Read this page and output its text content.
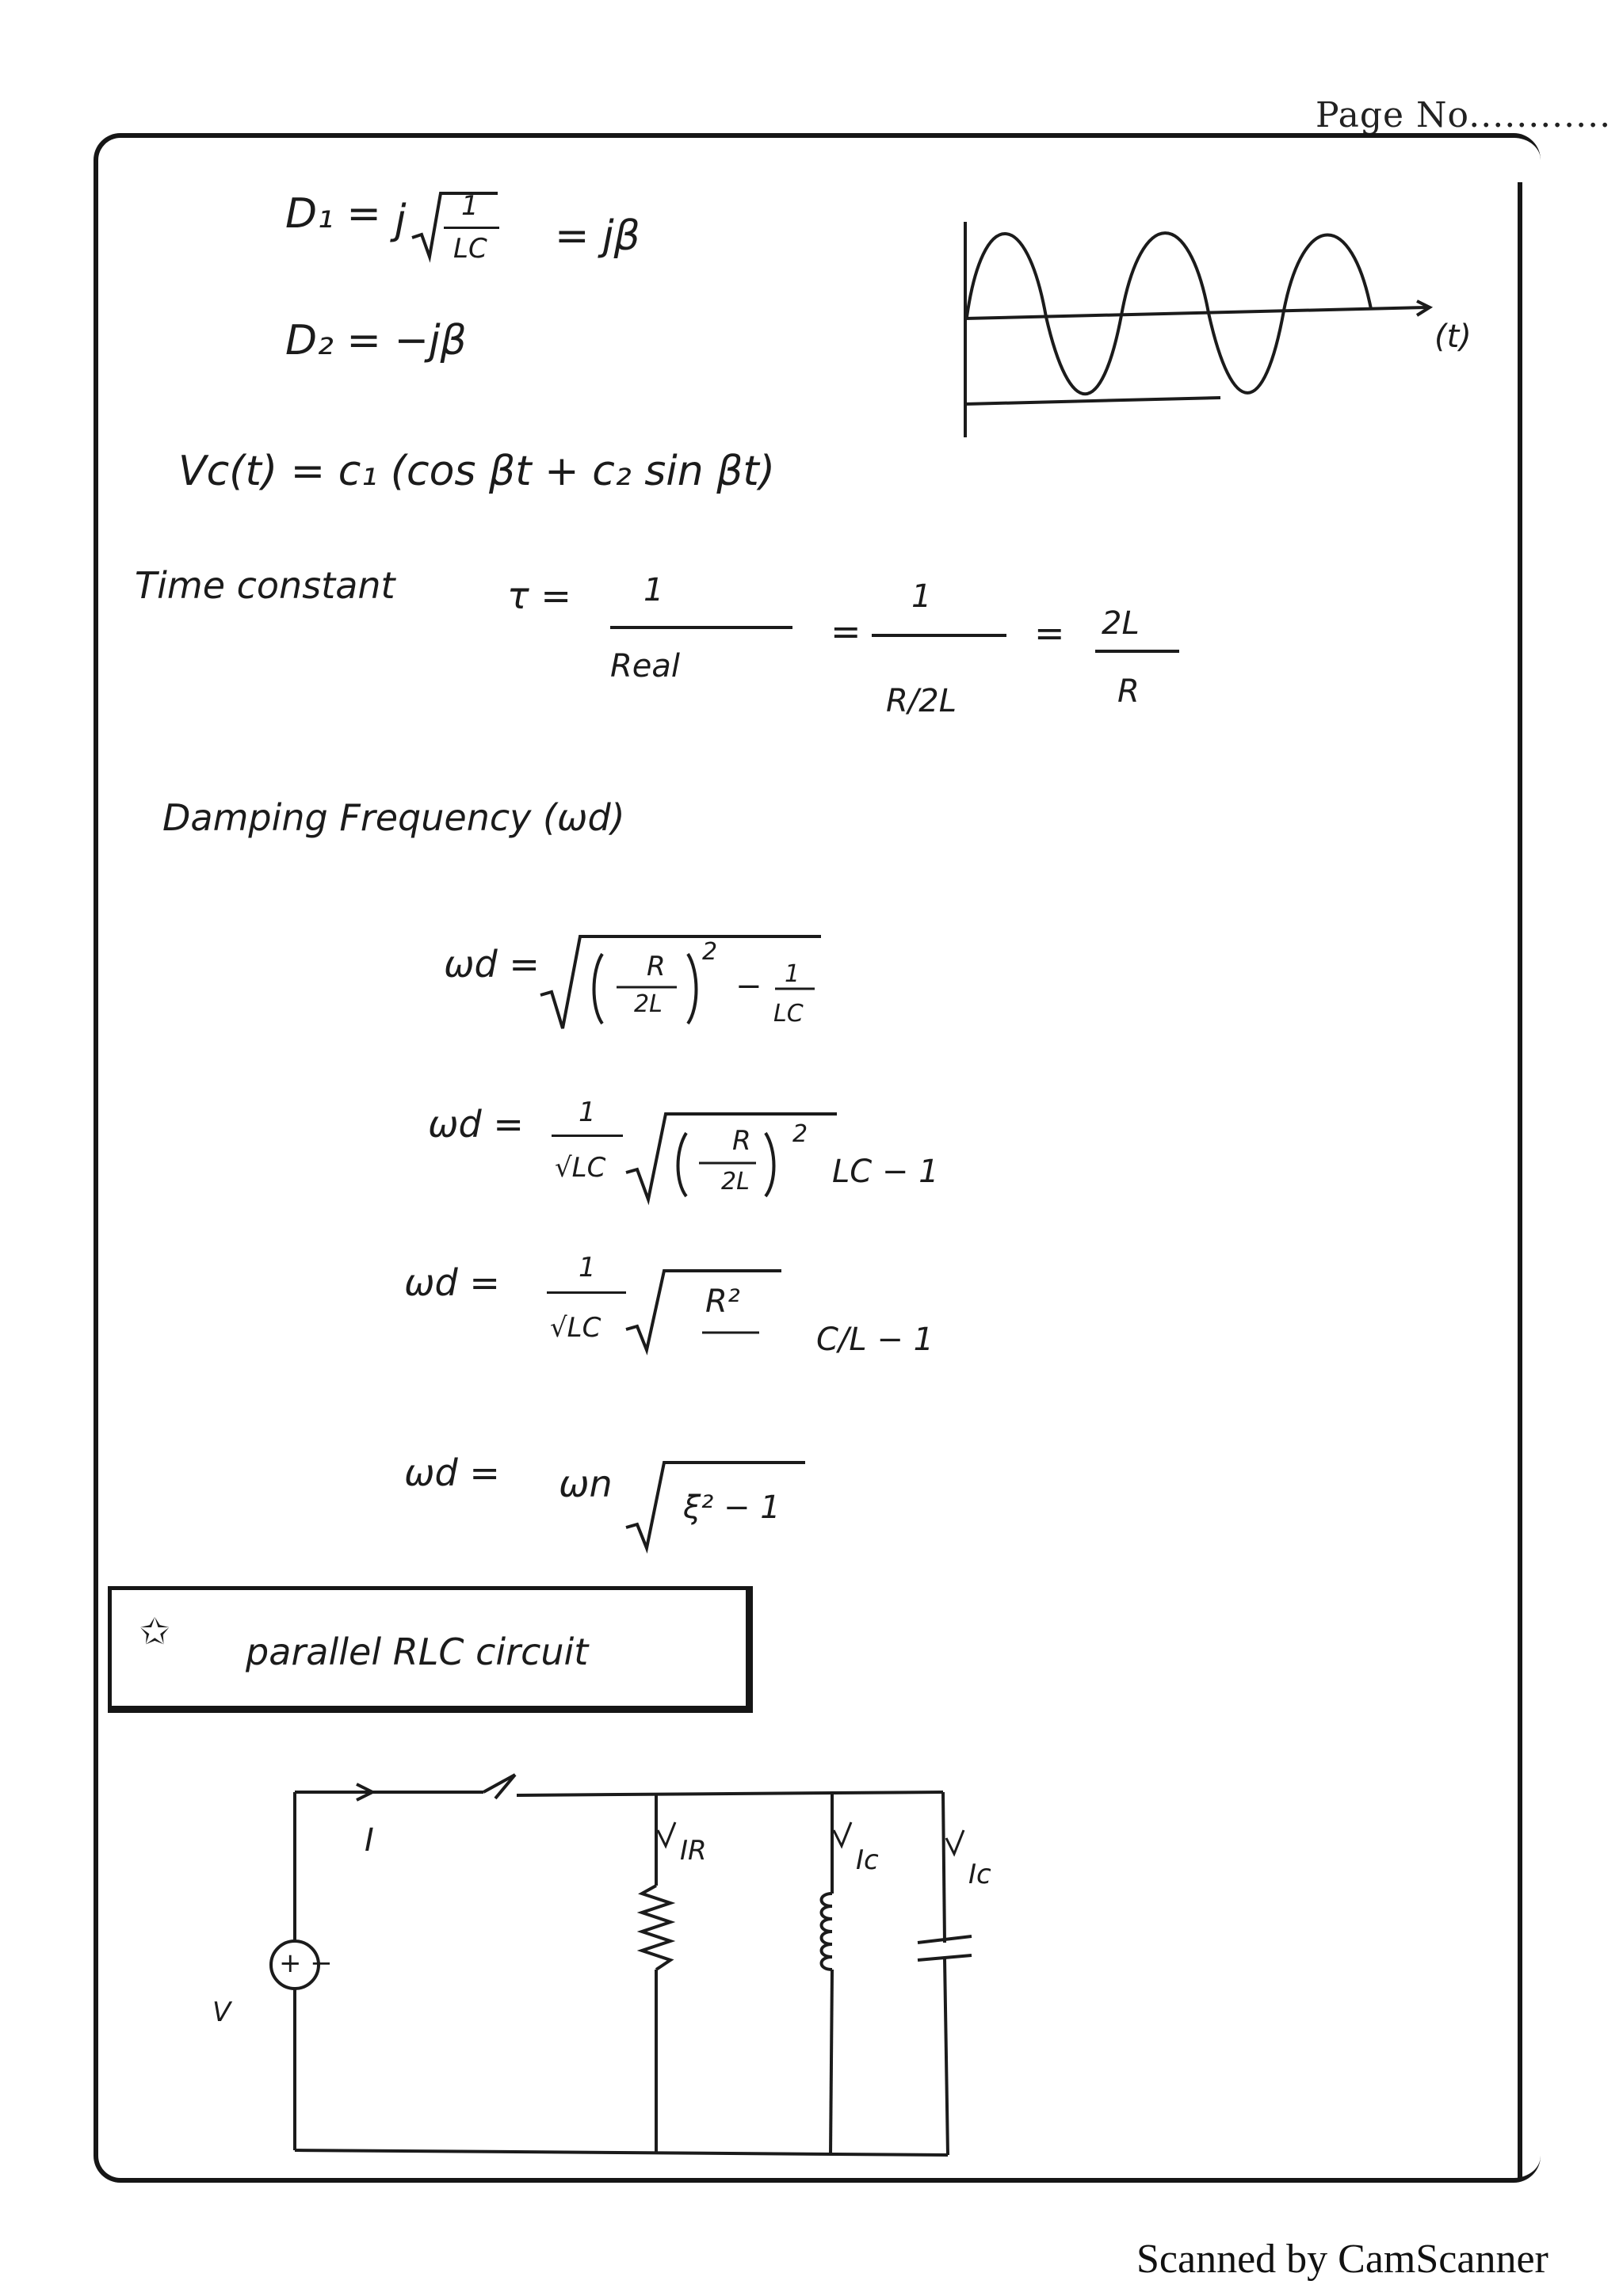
Page No............
D₁ = j 1
LC = jβ
D₂ = −jβ
Vc(t) = c₁ (cos βt + c₂ sin βt)
(t)
Time constant	τ = 1
Real
=
1
R/2L
= 2L
R
Damping Frequency (ωd)
ωd =	R
2L
2
− 1
LC
ωd = 1
√LC
R
2L
2
LC − 1
ωd =	1
√LC
R²
C/L − 1
ωd = ωn
ξ² − 1
✩ parallel RLC circuit
I
+ −
V
IR	Ic	Ic
Scanned by CamScanner
